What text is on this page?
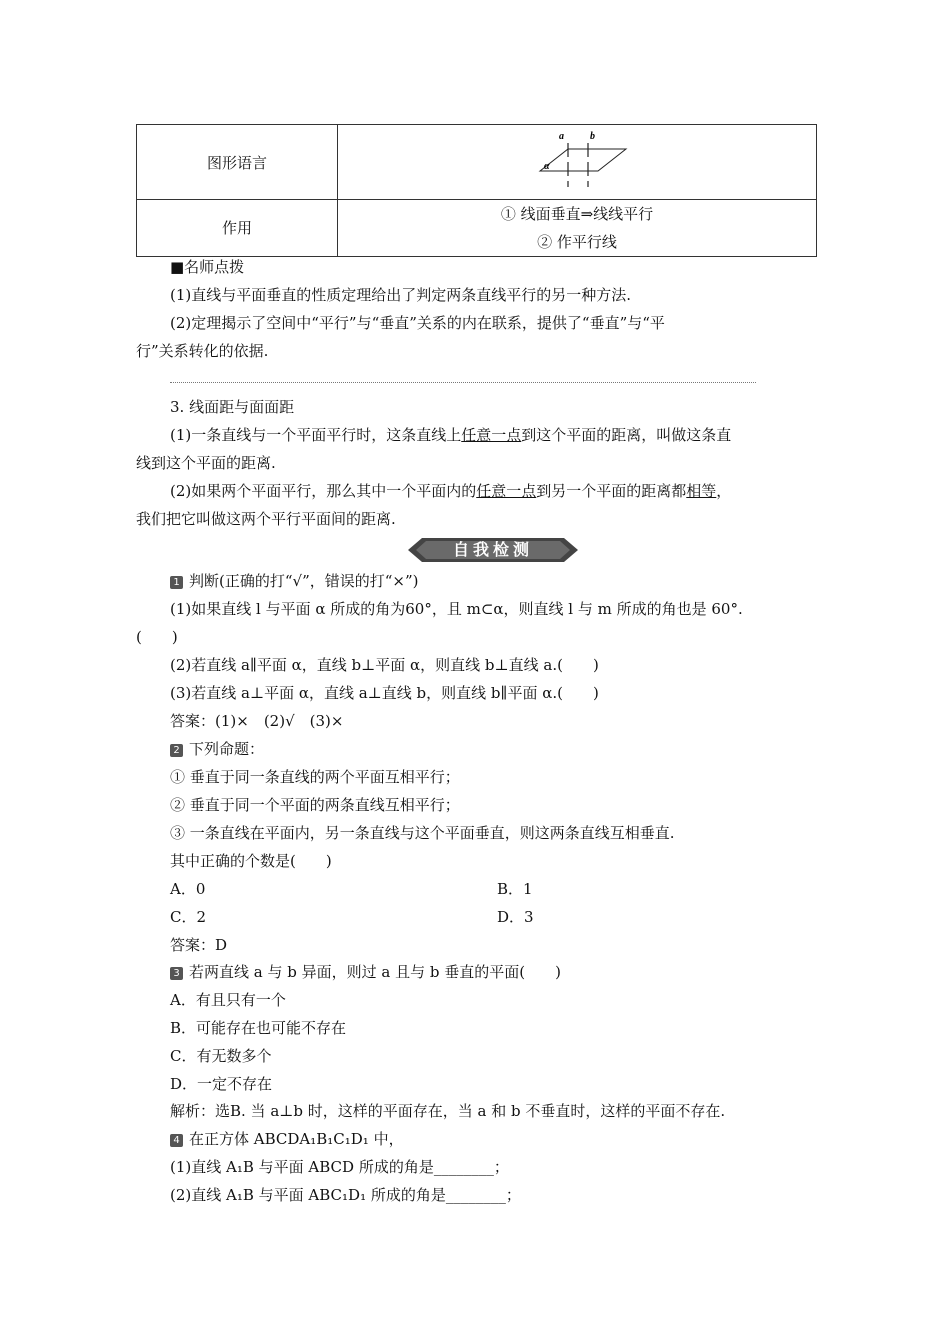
图形语言	a b
α

作用	① 线面垂直⇒线线平行
② 作平行线
■名师点拨
(1)直线与平面垂直的性质定理给出了判定两条直线平行的另一种方法.
(2)定理揭示了空间中“平行”与“垂直”关系的内在联系，提供了“垂直”与“平
行”关系转化的依据.
3. 线面距与面面距
(1)一条直线与一个平面平行时，这条直线上任意一点到这个平面的距离，叫做这条直
线到这个平面的距离.
(2)如果两个平面平行，那么其中一个平面内的任意一点到另一个平面的距离都相等，
我们把它叫做这两个平行平面间的距离.
自我检测
1 判断(正确的打“√”，错误的打“×”)
(1)如果直线 l 与平面 α 所成的角为60°，且 m⊂α，则直线 l 与 m 所成的角也是 60°.
(　　)
(2)若直线 a∥平面 α，直线 b⊥平面 α，则直线 b⊥直线 a.(　　)
(3)若直线 a⊥平面 α，直线 a⊥直线 b，则直线 b∥平面 α.(　　)
答案：(1)×　(2)√　(3)×
2 下列命题：
① 垂直于同一条直线的两个平面互相平行；
② 垂直于同一个平面的两条直线互相平行；
③ 一条直线在平面内，另一条直线与这个平面垂直，则这两条直线互相垂直.
其中正确的个数是(　　)
A．0	B．1
C．2	D．3
答案：D
3 若两直线 a 与 b 异面，则过 a 且与 b 垂直的平面(　　)
A．有且只有一个
B．可能存在也可能不存在
C．有无数多个
D．一定不存在
解析：选B. 当 a⊥b 时，这样的平面存在，当 a 和 b 不垂直时，这样的平面不存在.
4 在正方体 ABCDA₁B₁C₁D₁ 中，
(1)直线 A₁B 与平面 ABCD 所成的角是________；
(2)直线 A₁B 与平面 ABC₁D₁ 所成的角是________；
